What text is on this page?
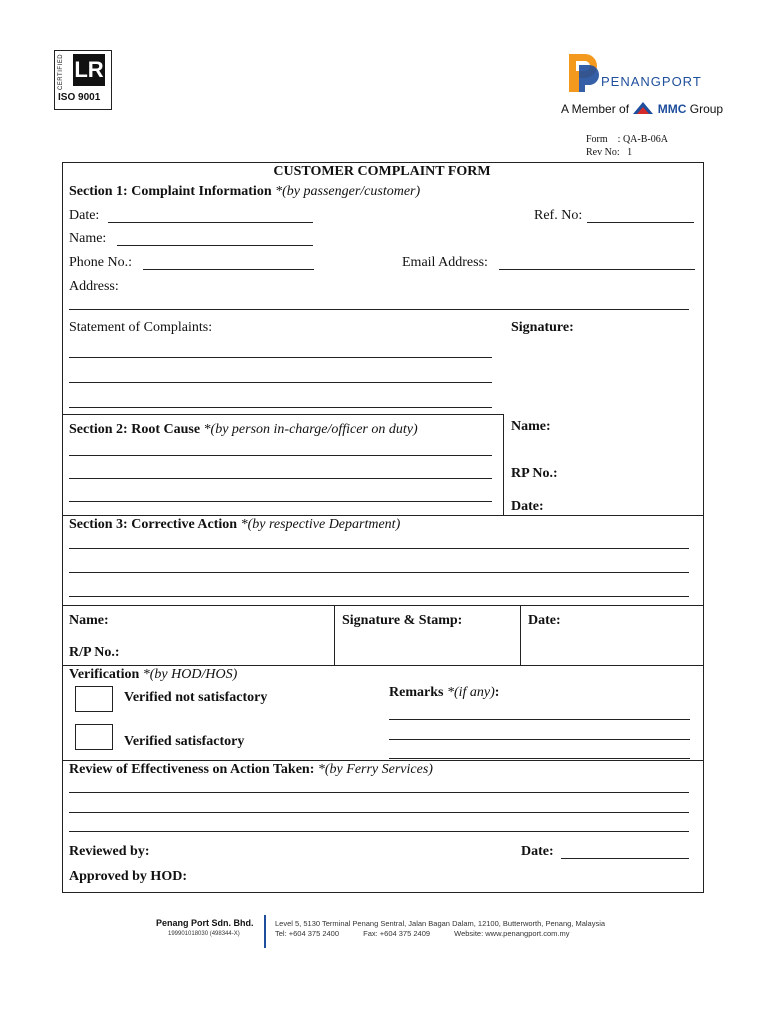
CERTIFIED LR
ISO 9001
PENANGPORT
A Member of MMC Group
Form : QA-B-06A
Rev No: 1
CUSTOMER COMPLAINT FORM
Section 1: Complaint Information *(by passenger/customer)
Date:	Ref. No:
Name:
Phone No.:	Email Address:
Address:
Statement of Complaints:	Signature:
Section 2: Root Cause *(by person in-charge/officer on duty)	Name:
RP No.:
Date:
Section 3: Corrective Action *(by respective Department)
Name:	Signature & Stamp:	Date:
R/P No.:
Verification *(by HOD/HOS)
Verified not satisfactory
Verified satisfactory
Remarks *(if any):
Review of Effectiveness on Action Taken: *(by Ferry Services)
Reviewed by:	Date:
Approved by HOD:
Penang Port Sdn. Bhd.
199901018030 (498344-X)
Level 5, 5130 Terminal Penang Sentral, Jalan Bagan Dalam, 12100, Butterworth, Penang, Malaysia
Tel: +604 375 2400	Fax: +604 375 2409	Website: www.penangport.com.my
